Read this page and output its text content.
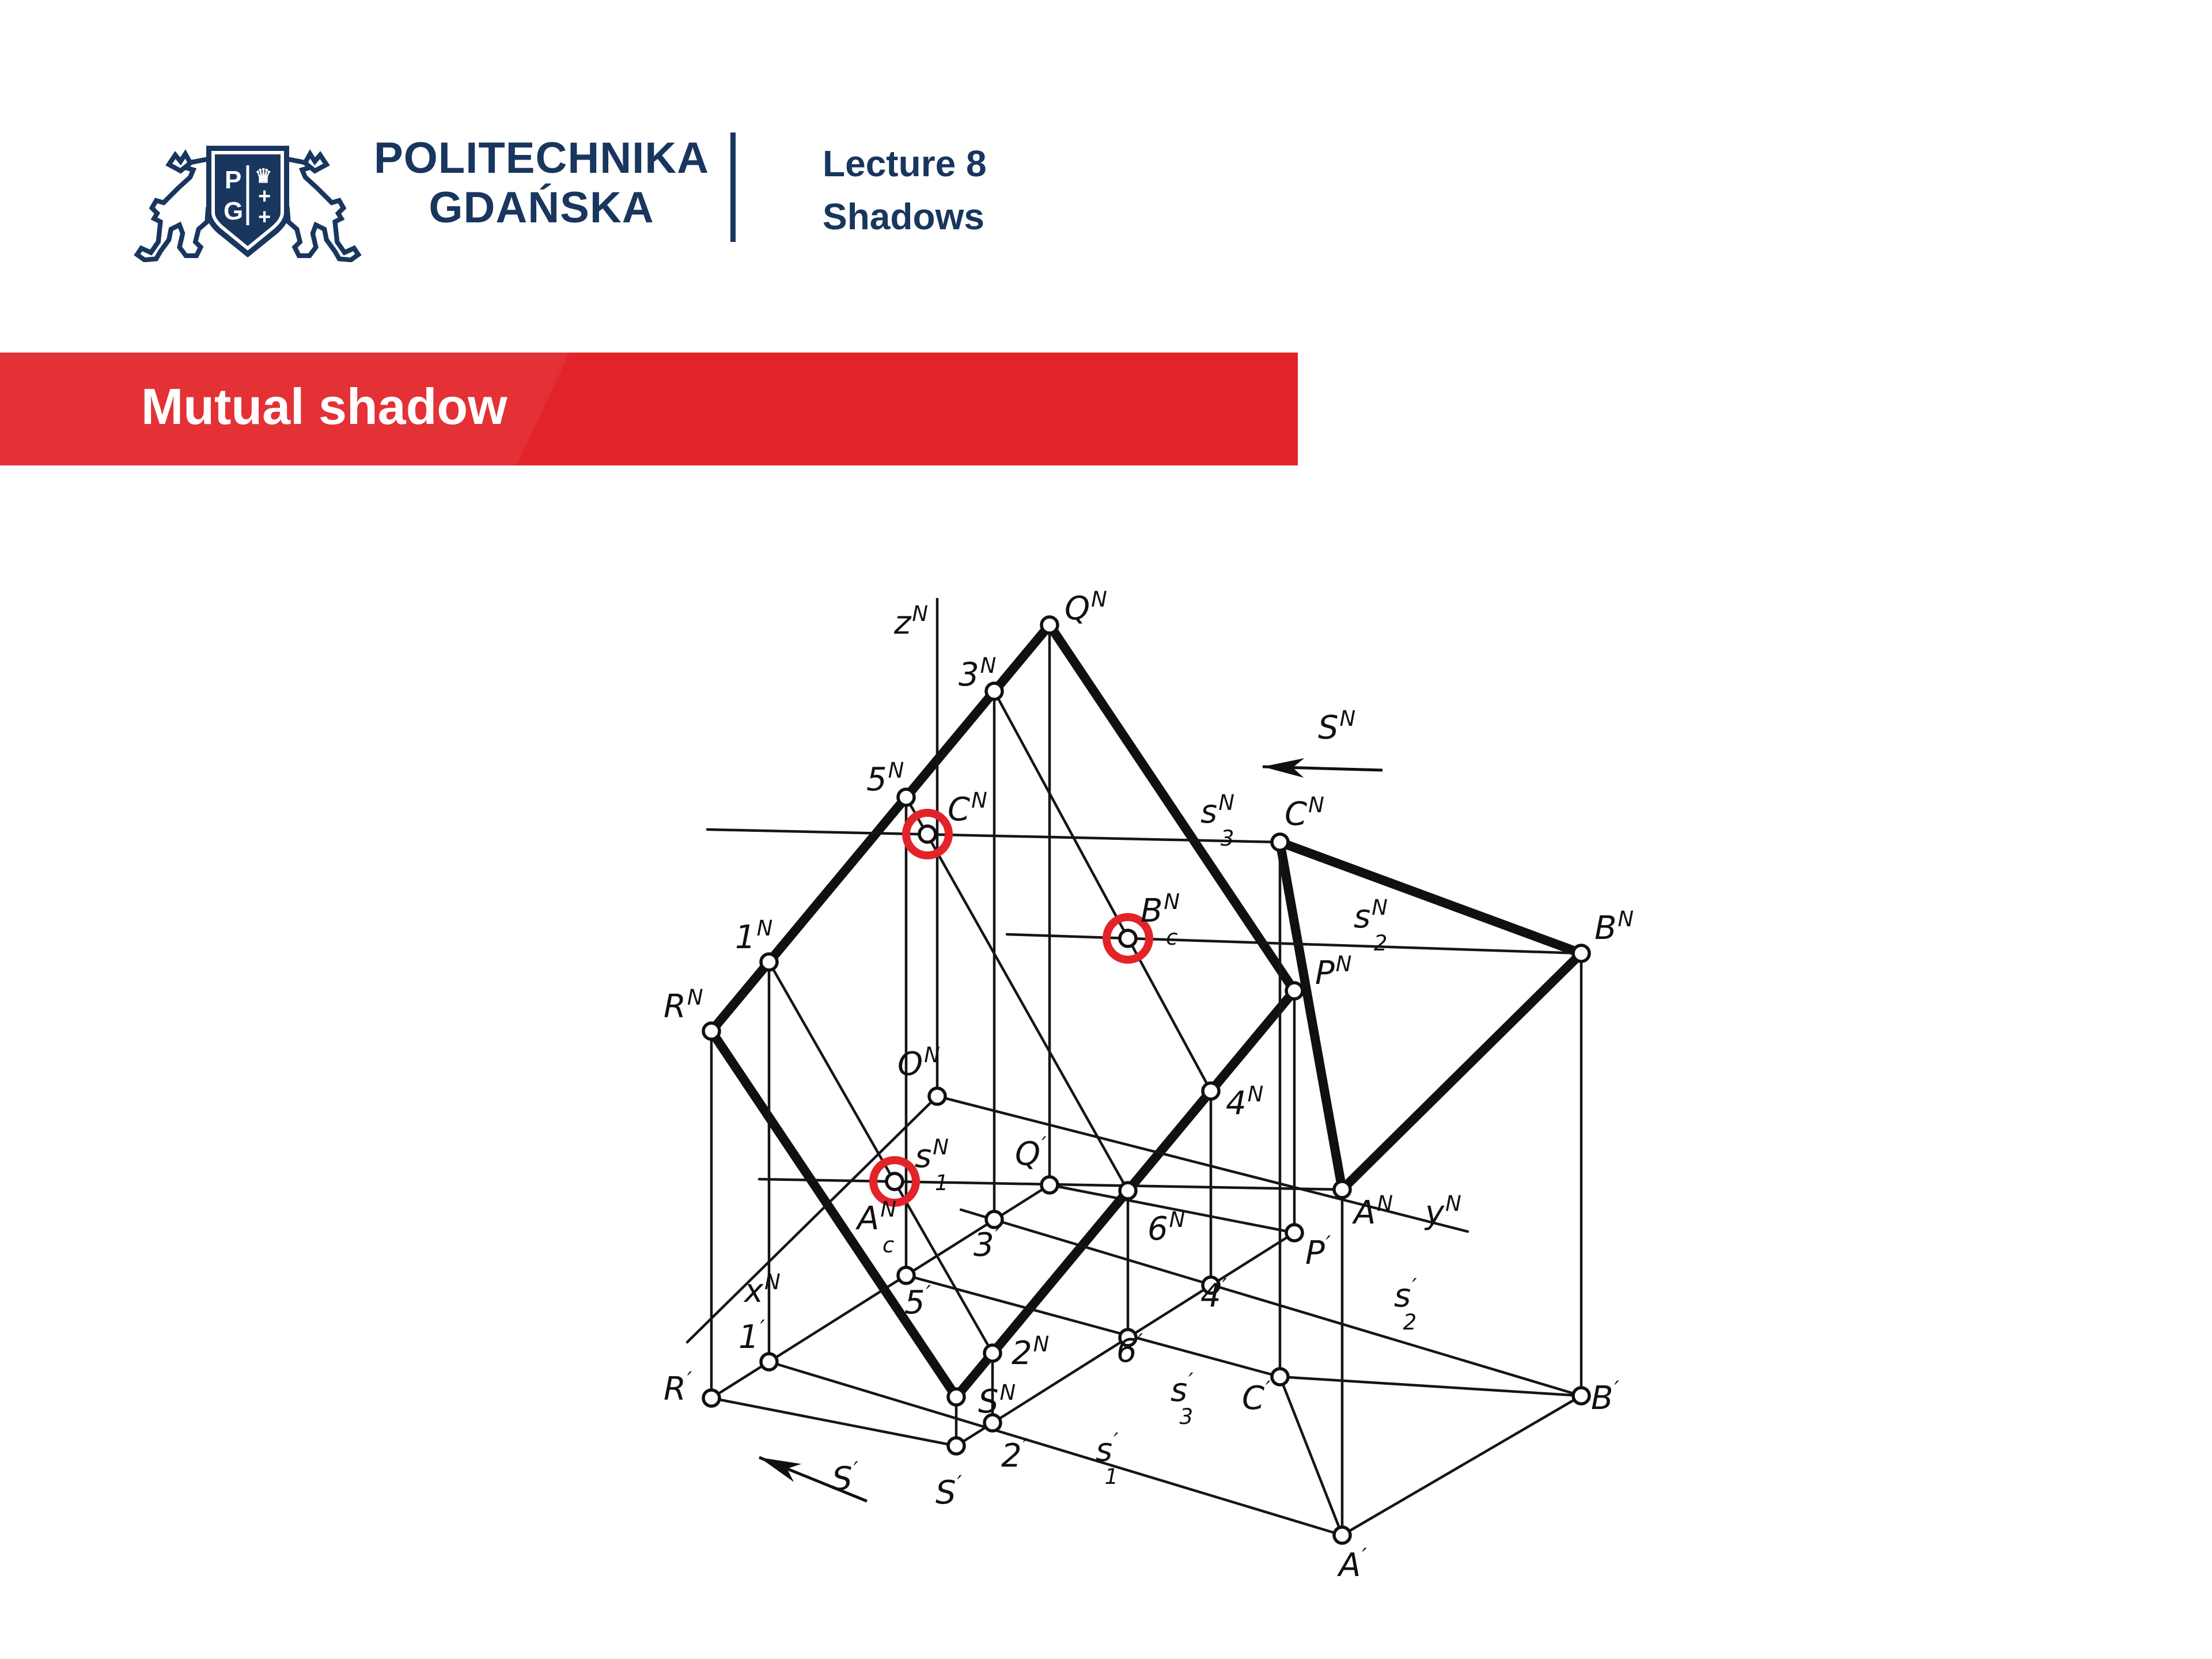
P
G
♛
+
+
POLITECHNIKA
GDAŃSKA
Lecture 8
Shadows
Mutual shadow
$z^N$	$Q^N$
$3^N$
$5^N$
$S^N$
$C^N$	$s^N$ 3
$C^N$
$B^N$
$s^N$ 2
$B^N$ c
$P^N$
$1^N$
$R^N$
$O^N$
$4^N$
Q′
$s^N$ 1
$A^N$ c
$A^N$ $y^N$
3′	$6^N$
P′
$x^N$
5′	4′	s′ 2
1′
$2^N$ 6′
R′
$S^N$	s′ 3 C′	B′
2′
S′
S′
s′ 1
A′
